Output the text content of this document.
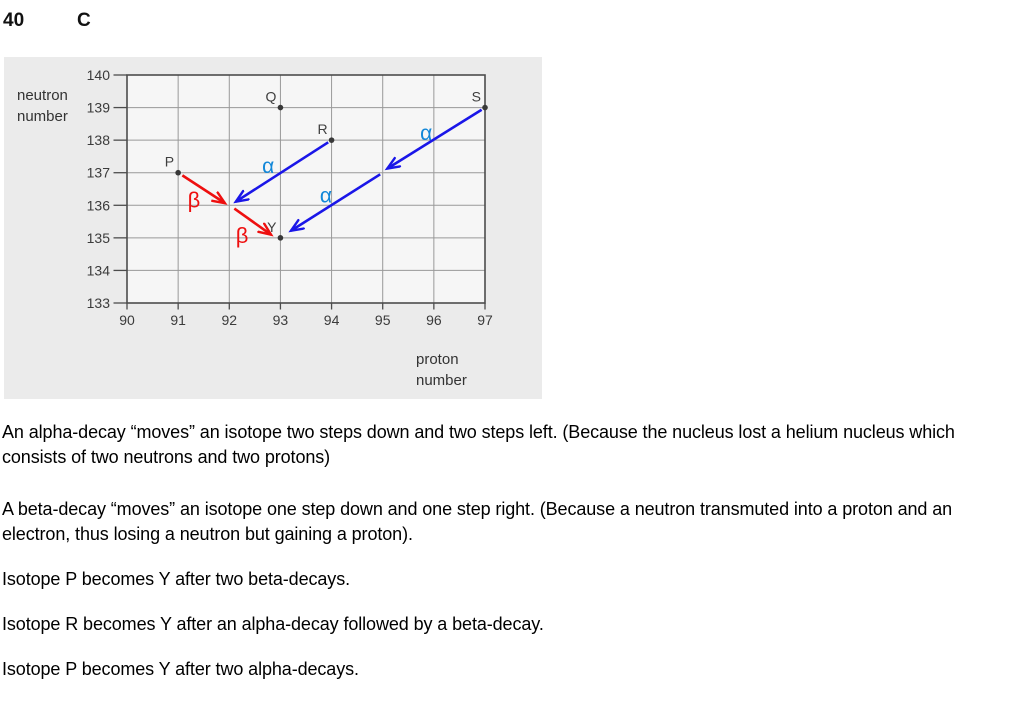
40	C
140
139
138
137
136
135
134
133
90	91	92	93	94	95	96	97
neutron number
proton number
β
β
α
α
α
P
Q
R
S
Y

An alpha-decay “moves” an isotope two steps down and two steps left. (Because the nucleus lost a helium nucleus which consists of two neutrons and two protons)

A beta-decay “moves” an isotope one step down and one step right. (Because a neutron transmuted into a proton and an electron, thus losing a neutron but gaining a proton).

Isotope P becomes Y after two beta-decays.

Isotope R becomes Y after an alpha-decay followed by a beta-decay.

Isotope P becomes Y after two alpha-decays.
